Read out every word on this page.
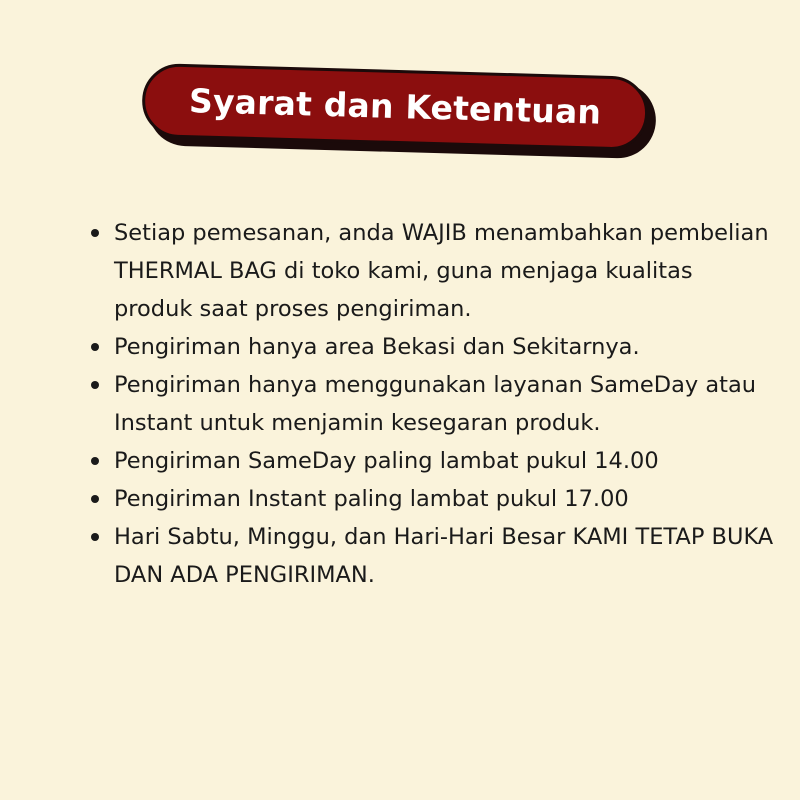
Syarat dan Ketentuan
Setiap pemesanan, anda WAJIB menambahkan pembelian THERMAL BAG di toko kami, guna menjaga kualitas produk saat proses pengiriman.
Pengiriman hanya area Bekasi dan Sekitarnya.
Pengiriman hanya menggunakan layanan SameDay atau Instant untuk menjamin kesegaran produk.
Pengiriman SameDay paling lambat pukul 14.00
Pengiriman Instant paling lambat pukul 17.00
Hari Sabtu, Minggu, dan Hari-Hari Besar KAMI TETAP BUKA DAN ADA PENGIRIMAN.
